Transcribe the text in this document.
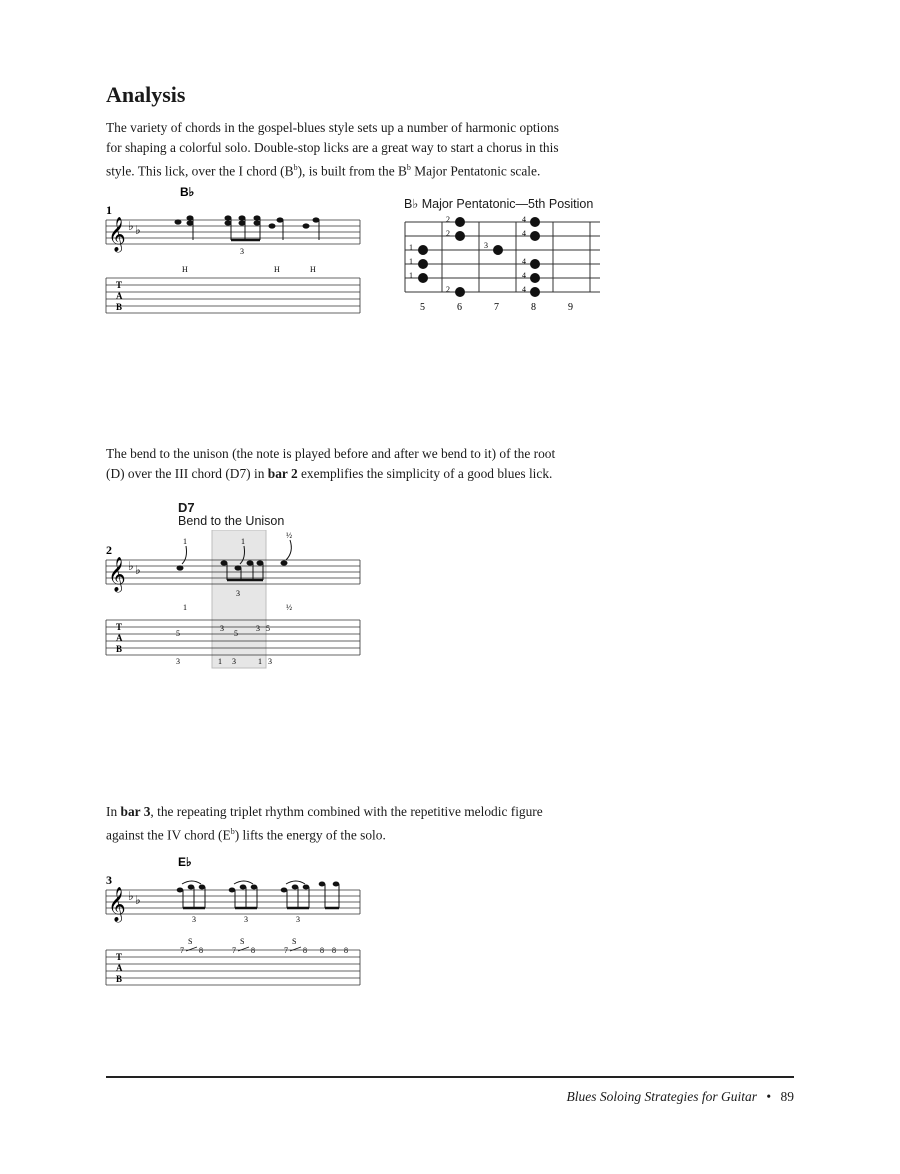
Analysis
The variety of chords in the gospel-blues style sets up a number of harmonic options
for shaping a colorful solo. Double-stop licks are a great way to start a chorus in this
style. This lick, over the I chord $(B^b)$, is built from the $B^b$ Major Pentatonic scale.
B♭
1
𝄞 ♭ ♭
3
H	H	H
T
A
B
B♭ Major Pentatonic—5th Position
2
2
4
4
1
1
1
3
4
4
2	4
5	6	7	8	9
The bend to the unison (the note is played before and after we bend to it) of the root
(D) over the III chord (D7) in bar 2 exemplifies the simplicity of a good blues lick.
D7
Bend to the Unison
2
𝄞 ♭ ♭
1	1
½
3
1	½
T
A
B
5
3
5
3 5
3	1 3	1 3
In bar 3, the repeating triplet rhythm combined with the repetitive melodic figure
against the IV chord $(E^b)$ lifts the energy of the solo.
E♭
3
𝄞 ♭ ♭
3	3	3
S	S	S
T
A
B
7 8	7 8	7 8 8 8 8
Blues Soloing Strategies for Guitar • 89
